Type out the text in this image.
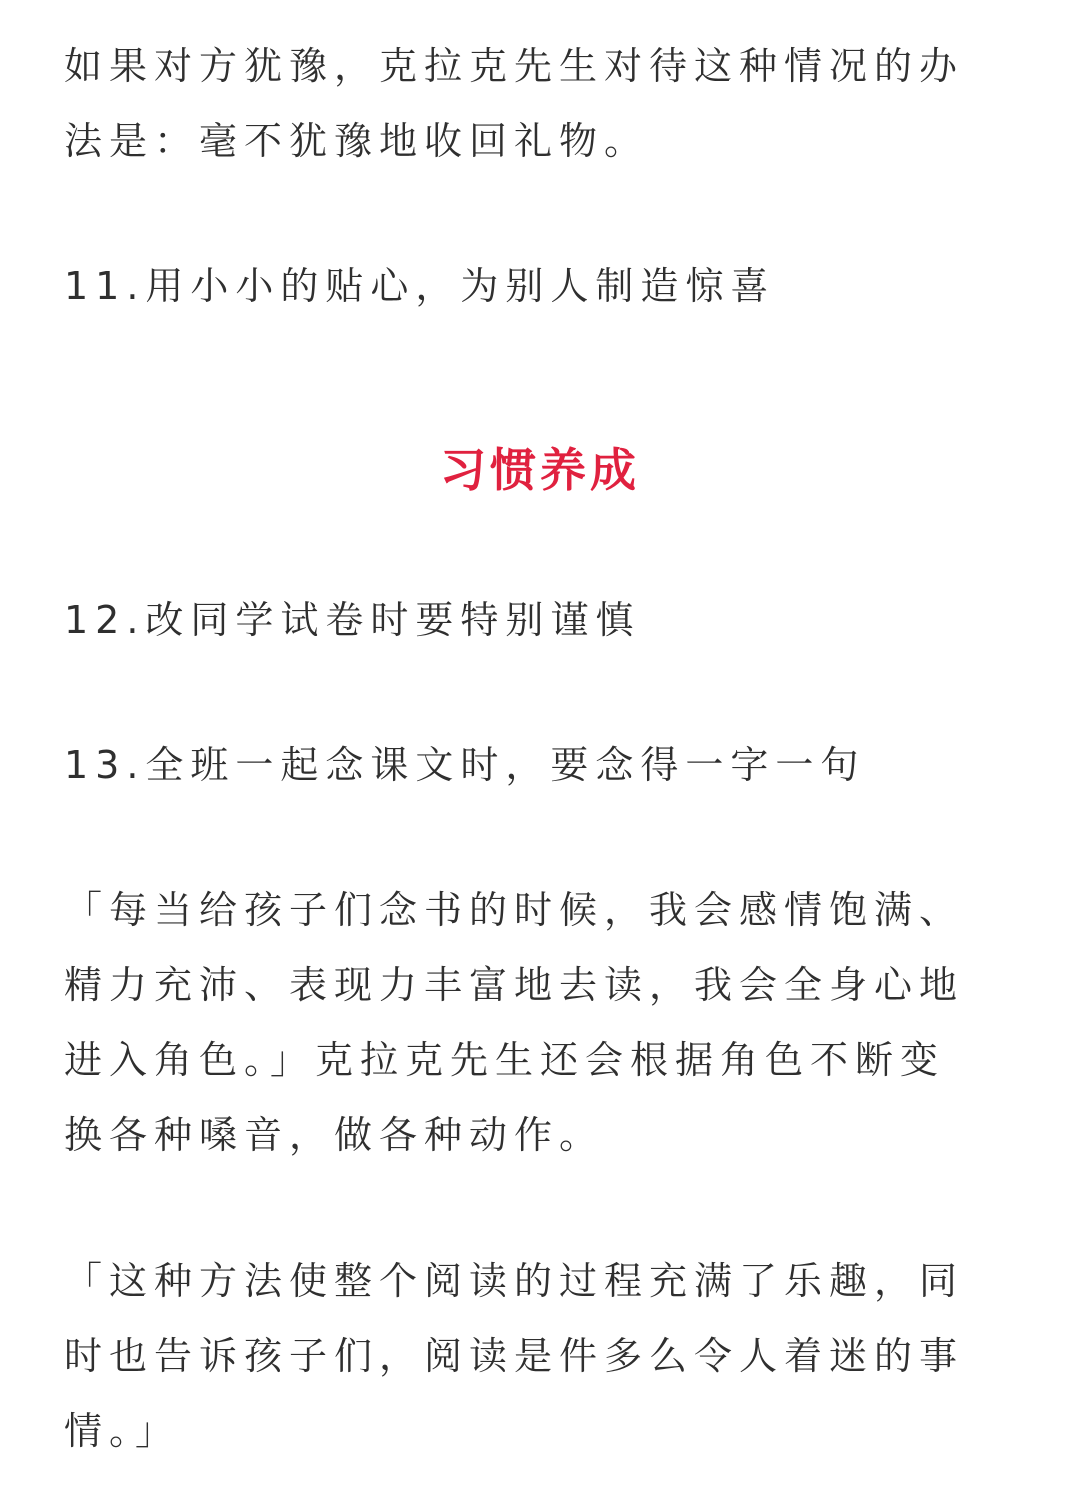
如果对方犹豫，克拉克先生对待这种情况的办
法是：毫不犹豫地收回礼物。
11.用小小的贴心，为别人制造惊喜
习惯养成
12.改同学试卷时要特别谨慎
13.全班一起念课文时，要念得一字一句
「每当给孩子们念书的时候，我会感情饱满、
精力充沛、表现力丰富地去读，我会全身心地
进入角色。」克拉克先生还会根据角色不断变
换各种嗓音，做各种动作。
「这种方法使整个阅读的过程充满了乐趣，同
时也告诉孩子们，阅读是件多么令人着迷的事
情。」
